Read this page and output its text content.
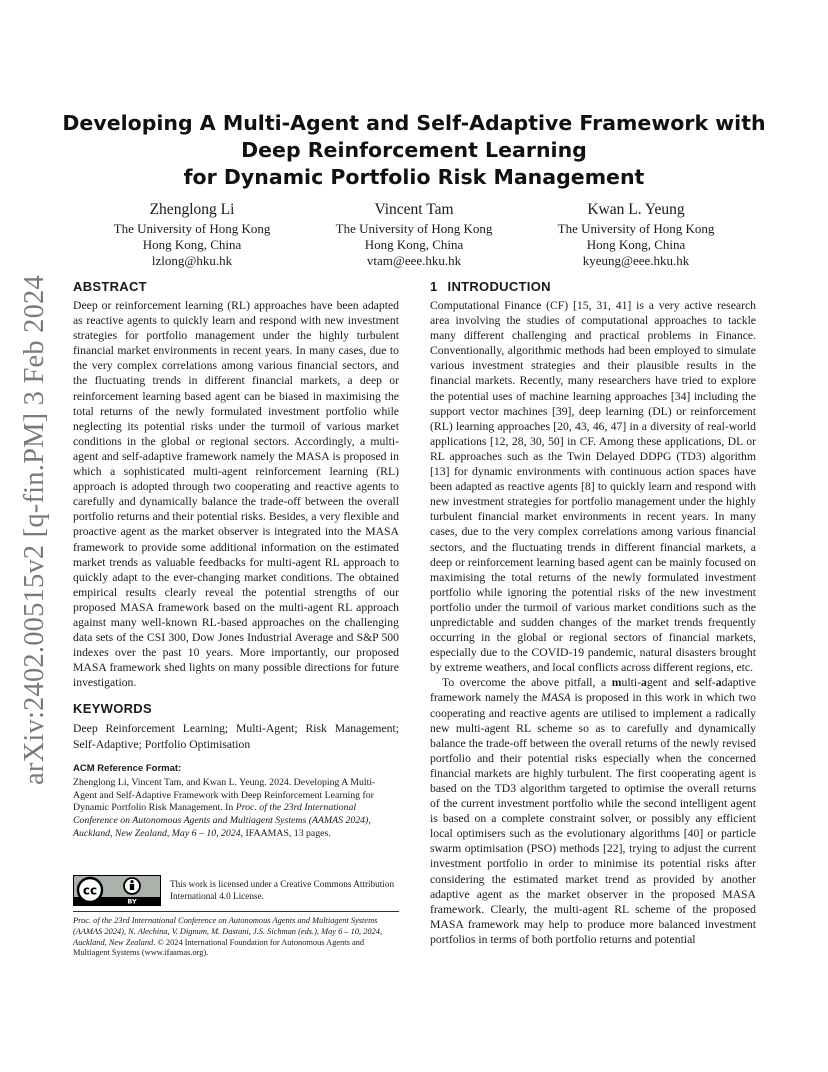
arXiv:2402.00515v2 [q-fin.PM] 3 Feb 2024
Developing A Multi-Agent and Self-Adaptive Framework with
Deep Reinforcement Learning
for Dynamic Portfolio Risk Management
Zhenglong Li
The University of Hong Kong
Hong Kong, China
lzlong@hku.hk
Vincent Tam
The University of Hong Kong
Hong Kong, China
vtam@eee.hku.hk
Kwan L. Yeung
The University of Hong Kong
Hong Kong, China
kyeung@eee.hku.hk
ABSTRACT

Deep or reinforcement learning (RL) approaches have been adapted as reactive agents to quickly learn and respond with new investment strategies for portfolio management under the highly turbulent financial market environments in recent years. In many cases, due to the very complex correlations among various financial sectors, and the fluctuating trends in different financial markets, a deep or reinforcement learning based agent can be biased in maximising the total returns of the newly formulated investment portfolio while neglecting its potential risks under the turmoil of various market conditions in the global or regional sectors. Accordingly, a multi-agent and self-adaptive framework namely the MASA is proposed in which a sophisticated multi-agent reinforcement learning (RL) approach is adopted through two cooperating and reactive agents to carefully and dynamically balance the trade-off between the overall portfolio returns and their potential risks. Besides, a very flexible and proactive agent as the market observer is integrated into the MASA framework to provide some additional information on the estimated market trends as valuable feedbacks for multi-agent RL approach to quickly adapt to the ever-changing market conditions. The obtained empirical results clearly reveal the potential strengths of our proposed MASA framework based on the multi-agent RL approach against many well-known RL-based approaches on the challenging data sets of the CSI 300, Dow Jones Industrial Average and S&P 500 indexes over the past 10 years. More importantly, our proposed MASA framework shed lights on many possible directions for future investigation.

KEYWORDS

Deep Reinforcement Learning; Multi-Agent; Risk Management; Self-Adaptive; Portfolio Optimisation

ACM Reference Format:

Zhenglong Li, Vincent Tam, and Kwan L. Yeung. 2024. Developing A Multi-Agent and Self-Adaptive Framework with Deep Reinforcement Learning for Dynamic Portfolio Risk Management. In Proc. of the 23rd International Conference on Autonomous Agents and Multiagent Systems (AAMAS 2024), Auckland, New Zealand, May 6 – 10, 2024, IFAAMAS, 13 pages.

cc
BY

This work is licensed under a Creative Commons Attribution International 4.0 License.

Proc. of the 23rd International Conference on Autonomous Agents and Multiagent Systems (AAMAS 2024), N. Alechina, V. Dignum, M. Dastani, J.S. Sichman (eds.), May 6 – 10, 2024, Auckland, New Zealand. © 2024 International Foundation for Autonomous Agents and Multiagent Systems (www.ifaamas.org).

1 INTRODUCTION

Computational Finance (CF) [15, 31, 41] is a very active research area involving the studies of computational approaches to tackle many different challenging and practical problems in Finance. Conventionally, algorithmic methods had been employed to simulate various investment strategies and their plausible results in the financial markets. Recently, many researchers have tried to explore the potential uses of machine learning approaches [34] including the support vector machines [39], deep learning (DL) or reinforcement (RL) learning approaches [20, 43, 46, 47] in a diversity of real-world applications [12, 28, 30, 50] in CF. Among these applications, DL or RL approaches such as the Twin Delayed DDPG (TD3) algorithm [13] for dynamic environments with continuous action spaces have been adapted as reactive agents [8] to quickly learn and respond with new investment strategies for portfolio management under the highly turbulent financial market environments in recent years. In many cases, due to the very complex correlations among various financial sectors, and the fluctuating trends in different financial markets, a deep or reinforcement learning based agent can be mainly focused on maximising the total returns of the newly formulated investment portfolio while ignoring the potential risks of the new investment portfolio under the turmoil of various market conditions such as the unpredictable and sudden changes of the market trends frequently occurring in the global or regional sectors of financial markets, especially due to the COVID-19 pandemic, natural disasters brought by extreme weathers, and local conflicts across different regions, etc.

To overcome the above pitfall, a multi-agent and self-adaptive framework namely the MASA is proposed in this work in which two cooperating and reactive agents are utilised to implement a radically new multi-agent RL scheme so as to carefully and dynamically balance the trade-off between the overall returns of the newly revised portfolio and their potential risks especially when the concerned financial markets are highly turbulent. The first cooperating agent is based on the TD3 algorithm targeted to optimise the overall returns of the current investment portfolio while the second intelligent agent is based on a complete constraint solver, or possibly any efficient local optimisers such as the evolutionary algorithms [40] or particle swarm optimisation (PSO) methods [22], trying to adjust the current investment portfolio in order to minimise its potential risks after considering the estimated market trend as provided by another adaptive agent as the market observer in the proposed MASA framework. Clearly, the multi-agent RL scheme of the proposed MASA framework may help to produce more balanced investment portfolios in terms of both portfolio returns and potential
